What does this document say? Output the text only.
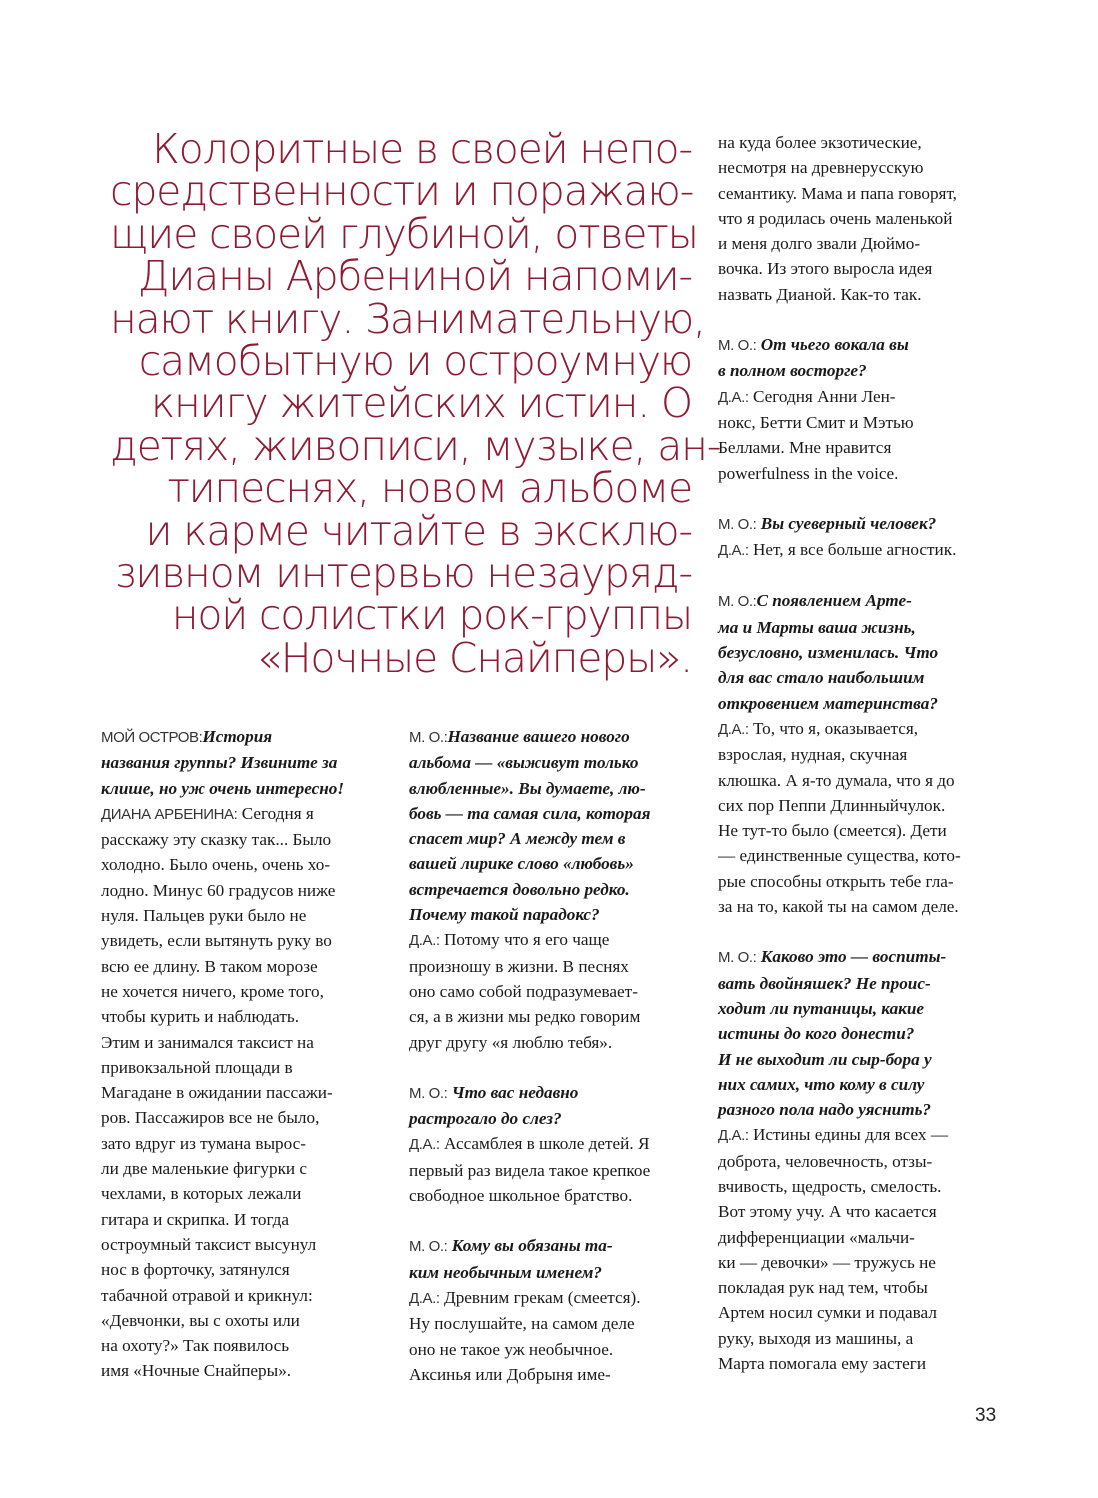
Колоритные в своей непо-
средственности и поражаю-
щие своей глубиной, ответы
Дианы Арбениной напоми-
нают книгу. Занимательную,
самобытную и остроумную
книгу житейских истин. О
детях, живописи, музыке, ан-
типеснях, новом альбоме
и карме читайте в эксклю-
зивном интервью незауряд-
ной солистки рок-группы
«Ночные Снайперы».
МОЙ ОСТРОВ:История
названия группы? Извините за
клише, но уж очень интересно!
ДИАНА АРБЕНИНА: Сегодня я
расскажу эту сказку так... Было
холодно. Было очень, очень хо-
лодно. Минус 60 градусов ниже
нуля. Пальцев руки было не
увидеть, если вытянуть руку во
всю ее длину. В таком морозе
не хочется ничего, кроме того,
чтобы курить и наблюдать.
Этим и занимался таксист на
привокзальной площади в
Магадане в ожидании пассажи-
ров. Пассажиров все не было,
зато вдруг из тумана вырос-
ли две маленькие фигурки с
чехлами, в которых лежали
гитара и скрипка. И тогда
остроумный таксист высунул
нос в форточку, затянулся
табачной отравой и крикнул:
«Девчонки, вы с охоты или
на охоту?» Так появилось
имя «Ночные Снайперы».
М. О.:Название вашего нового
альбома — «выживут только
влюбленные». Вы думаете, лю-
бовь — та самая сила, которая
спасет мир? А между тем в
вашей лирике слово «любовь»
встречается довольно редко.
Почему такой парадокс?
Д.А.: Потому что я его чаще
произношу в жизни. В песнях
оно само собой подразумевает-
ся, а в жизни мы редко говорим
друг другу «я люблю тебя».
М. О.: Что вас недавно
растрогало до слез?
Д.А.: Ассамблея в школе детей. Я
первый раз видела такое крепкое
свободное школьное братство.
М. О.: Кому вы обязаны та-
ким необычным именем?
Д.А.: Древним грекам (смеется).
Ну послушайте, на самом деле
оно не такое уж необычное.
Аксинья или Добрыня име-
на куда более экзотические,
несмотря на древнерусскую
семантику. Мама и папа говорят,
что я родилась очень маленькой
и меня долго звали Дюймо-
вочка. Из этого выросла идея
назвать Дианой. Как-то так.
М. О.: От чьего вокала вы
в полном восторге?
Д.А.: Сегодня Анни Лен-
нокс, Бетти Смит и Мэтью
Беллами. Мне нравится
powerfulness in the voice.
М. О.: Вы суеверный человек?
Д.А.: Нет, я все больше агностик.
М. О.:С появлением Арте-
ма и Марты ваша жизнь,
безусловно, изменилась. Что
для вас стало наибольшим
откровением материнства?
Д.А.: То, что я, оказывается,
взрослая, нудная, скучная
клюшка. А я-то думала, что я до
сих пор Пеппи Длинныйчулок.
Не тут-то было (смеется). Дети
— единственные существа, кото-
рые способны открыть тебе гла-
за на то, какой ты на самом деле.
М. О.: Каково это — воспиты-
вать двойняшек? Не проис-
ходит ли путаницы, какие
истины до кого донести?
И не выходит ли сыр-бора у
них самих, что кому в силу
разного пола надо уяснить?
Д.А.: Истины едины для всех —
доброта, человечность, отзы-
вчивость, щедрость, смелость.
Вот этому учу. А что касается
дифференциации «мальчи-
ки — девочки» — тружусь не
покладая рук над тем, чтобы
Артем носил сумки и подавал
руку, выходя из машины, а
Марта помогала ему застеги
33
